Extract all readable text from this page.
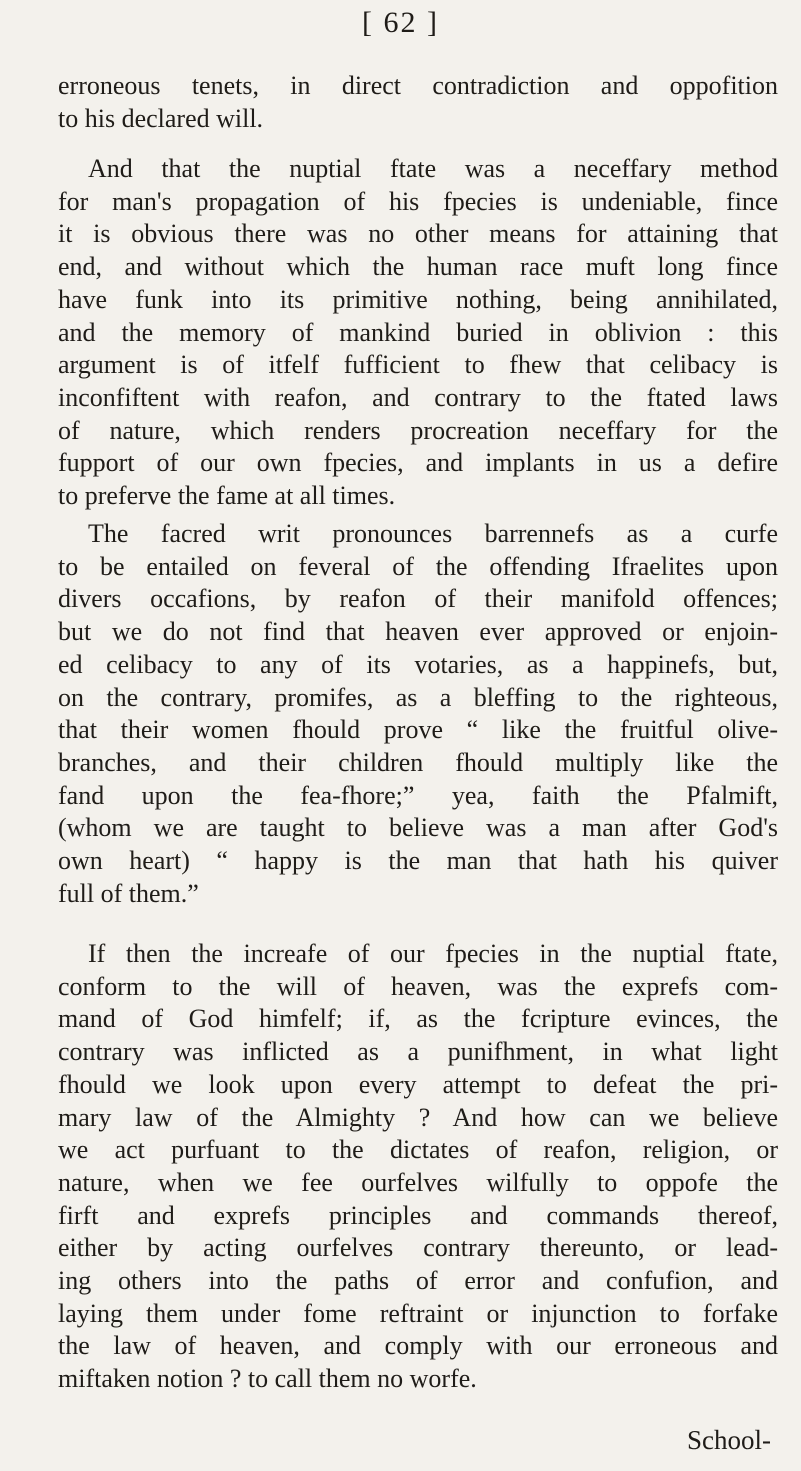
[ 62 ]
erroneous tenets, in direct contradiction and oppofition
to his declared will.
And that the nuptial ftate was a neceffary method
for man's propagation of his fpecies is undeniable, fince
it is obvious there was no other means for attaining that
end, and without which the human race muft long fince
have funk into its primitive nothing, being annihilated,
and the memory of mankind buried in oblivion : this
argument is of itfelf fufficient to fhew that celibacy is
inconfiftent with reafon, and contrary to the ftated laws
of nature, which renders procreation neceffary for the
fupport of our own fpecies, and implants in us a defire
to preferve the fame at all times.
The facred writ pronounces barrennefs as a curfe
to be entailed on feveral of the offending Ifraelites upon
divers occafions, by reafon of their manifold offences;
but we do not find that heaven ever approved or enjoin-
ed celibacy to any of its votaries, as a happinefs, but,
on the contrary, promifes, as a bleffing to the righteous,
that their women fhould prove “ like the fruitful olive-
branches, and their children fhould multiply like the
fand upon the fea-fhore;” yea, faith the Pfalmift,
(whom we are taught to believe was a man after God's
own heart) “ happy is the man that hath his quiver
full of them.”
If then the increafe of our fpecies in the nuptial ftate,
conform to the will of heaven, was the exprefs com-
mand of God himfelf; if, as the fcripture evinces, the
contrary was inflicted as a punifhment, in what light
fhould we look upon every attempt to defeat the pri-
mary law of the Almighty ? And how can we believe
we act purfuant to the dictates of reafon, religion, or
nature, when we fee ourfelves wilfully to oppofe the
firft and exprefs principles and commands thereof,
either by acting ourfelves contrary thereunto, or lead-
ing others into the paths of error and confufion, and
laying them under fome reftraint or injunction to forfake
the law of heaven, and comply with our erroneous and
miftaken notion ? to call them no worfe.
School-
